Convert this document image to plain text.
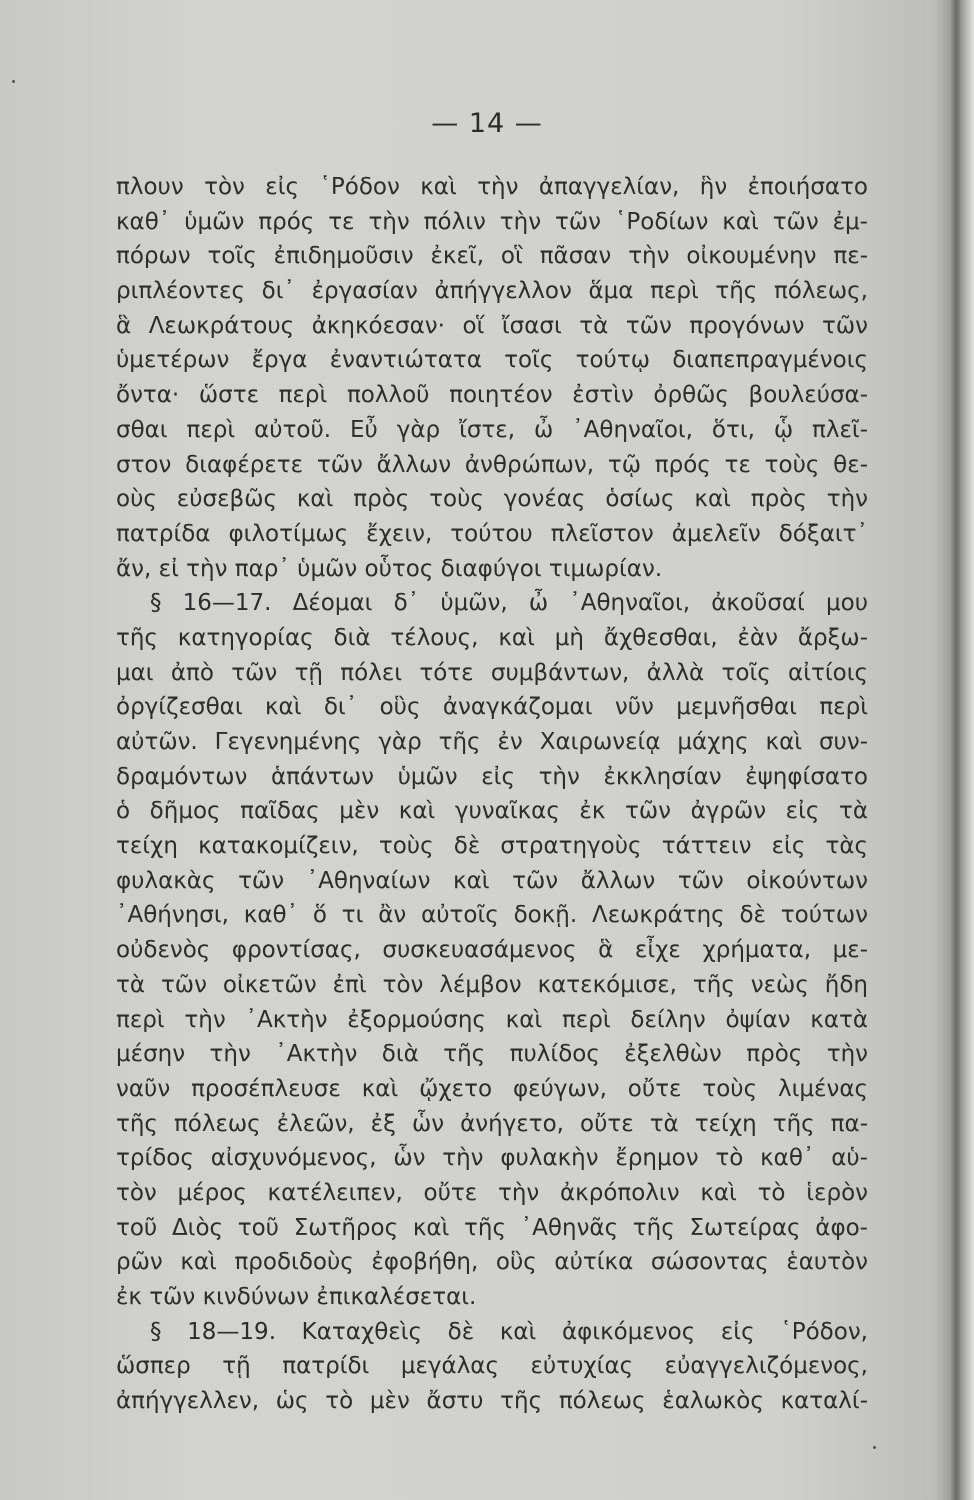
— 14 —
πλουν τὸν εἰς ῾Ρόδον καὶ τὴν ἀπαγγελίαν, ἣν ἐποιήσατο
καθ᾽ ὑμῶν πρός τε τὴν πόλιν τὴν τῶν ῾Ροδίων καὶ τῶν ἐμ-
πόρων τοῖς ἐπιδημοῦσιν ἐκεῖ, οἳ πᾶσαν τὴν οἰκουμένην πε-
ριπλέοντες δι᾽ ἐργασίαν ἀπήγγελλον ἅμα περὶ τῆς πόλεως,
ἃ Λεωκράτους ἀκηκόεσαν· οἵ ἴσασι τὰ τῶν προγόνων τῶν
ὑμετέρων ἔργα ἐναντιώτατα τοῖς τούτῳ διαπεπραγμένοις
ὄντα· ὥστε περὶ πολλοῦ ποιητέον ἐστὶν ὀρθῶς βουλεύσα-
σθαι περὶ αὐτοῦ. Εὖ γὰρ ἴστε, ὦ ᾽Αθηναῖοι, ὅτι, ᾧ πλεῖ-
στον διαφέρετε τῶν ἄλλων ἀνθρώπων, τῷ πρός τε τοὺς θε-
οὺς εὐσεβῶς καὶ πρὸς τοὺς γονέας ὁσίως καὶ πρὸς τὴν
πατρίδα φιλοτίμως ἔχειν, τούτου πλεῖστον ἀμελεῖν δόξαιτ᾽
ἄν, εἰ τὴν παρ᾽ ὑμῶν οὗτος διαφύγοι τιμωρίαν.
§ 16—17. Δέομαι δ᾽ ὑμῶν, ὦ ᾽Αθηναῖοι, ἀκοῦσαί μου
τῆς κατηγορίας διὰ τέλους, καὶ μὴ ἄχθεσθαι, ἐὰν ἄρξω-
μαι ἀπὸ τῶν τῇ πόλει τότε συμβάντων, ἀλλὰ τοῖς αἰτίοις
ὀργίζεσθαι καὶ δι᾽ οὓς ἀναγκάζομαι νῦν μεμνῆσθαι περὶ
αὐτῶν. Γεγενημένης γὰρ τῆς ἐν Χαιρωνείᾳ μάχης καὶ συν-
δραμόντων ἁπάντων ὑμῶν εἰς τὴν ἐκκλησίαν ἐψηφίσατο
ὁ δῆμος παῖδας μὲν καὶ γυναῖκας ἐκ τῶν ἀγρῶν εἰς τὰ
τείχη κατακομίζειν, τοὺς δὲ στρατηγοὺς τάττειν εἰς τὰς
φυλακὰς τῶν ᾽Αθηναίων καὶ τῶν ἄλλων τῶν οἰκούντων
᾽Αθήνησι, καθ᾽ ὅ τι ἂν αὐτοῖς δοκῇ. Λεωκράτης δὲ τούτων
οὐδενὸς φροντίσας, συσκευασάμενος ἃ εἶχε χρήματα, με-
τὰ τῶν οἰκετῶν ἐπὶ τὸν λέμβον κατεκόμισε, τῆς νεὼς ἤδη
περὶ τὴν ᾽Ακτὴν ἐξορμούσης καὶ περὶ δείλην ὀψίαν κατὰ
μέσην τὴν ᾽Ακτὴν διὰ τῆς πυλίδος ἐξελθὼν πρὸς τὴν
ναῦν προσέπλευσε καὶ ᾤχετο φεύγων, οὔτε τοὺς λιμένας
τῆς πόλεως ἐλεῶν, ἐξ ὧν ἀνήγετο, οὔτε τὰ τείχη τῆς πα-
τρίδος αἰσχυνόμενος, ὧν τὴν φυλακὴν ἔρημον τὸ καθ᾽ αὑ-
τὸν μέρος κατέλειπεν, οὔτε τὴν ἀκρόπολιν καὶ τὸ ἱερὸν
τοῦ Διὸς τοῦ Σωτῆρος καὶ τῆς ᾽Αθηνᾶς τῆς Σωτείρας ἀφο-
ρῶν καὶ προδιδοὺς ἐφοβήθη, οὓς αὐτίκα σώσοντας ἑαυτὸν
ἐκ τῶν κινδύνων ἐπικαλέσεται.
§ 18—19. Καταχθεὶς δὲ καὶ ἀφικόμενος εἰς ῾Ρόδον,
ὥσπερ τῇ πατρίδι μεγάλας εὐτυχίας εὐαγγελιζόμενος,
ἀπήγγελλεν, ὡς τὸ μὲν ἄστυ τῆς πόλεως ἑαλωκὸς καταλί-
